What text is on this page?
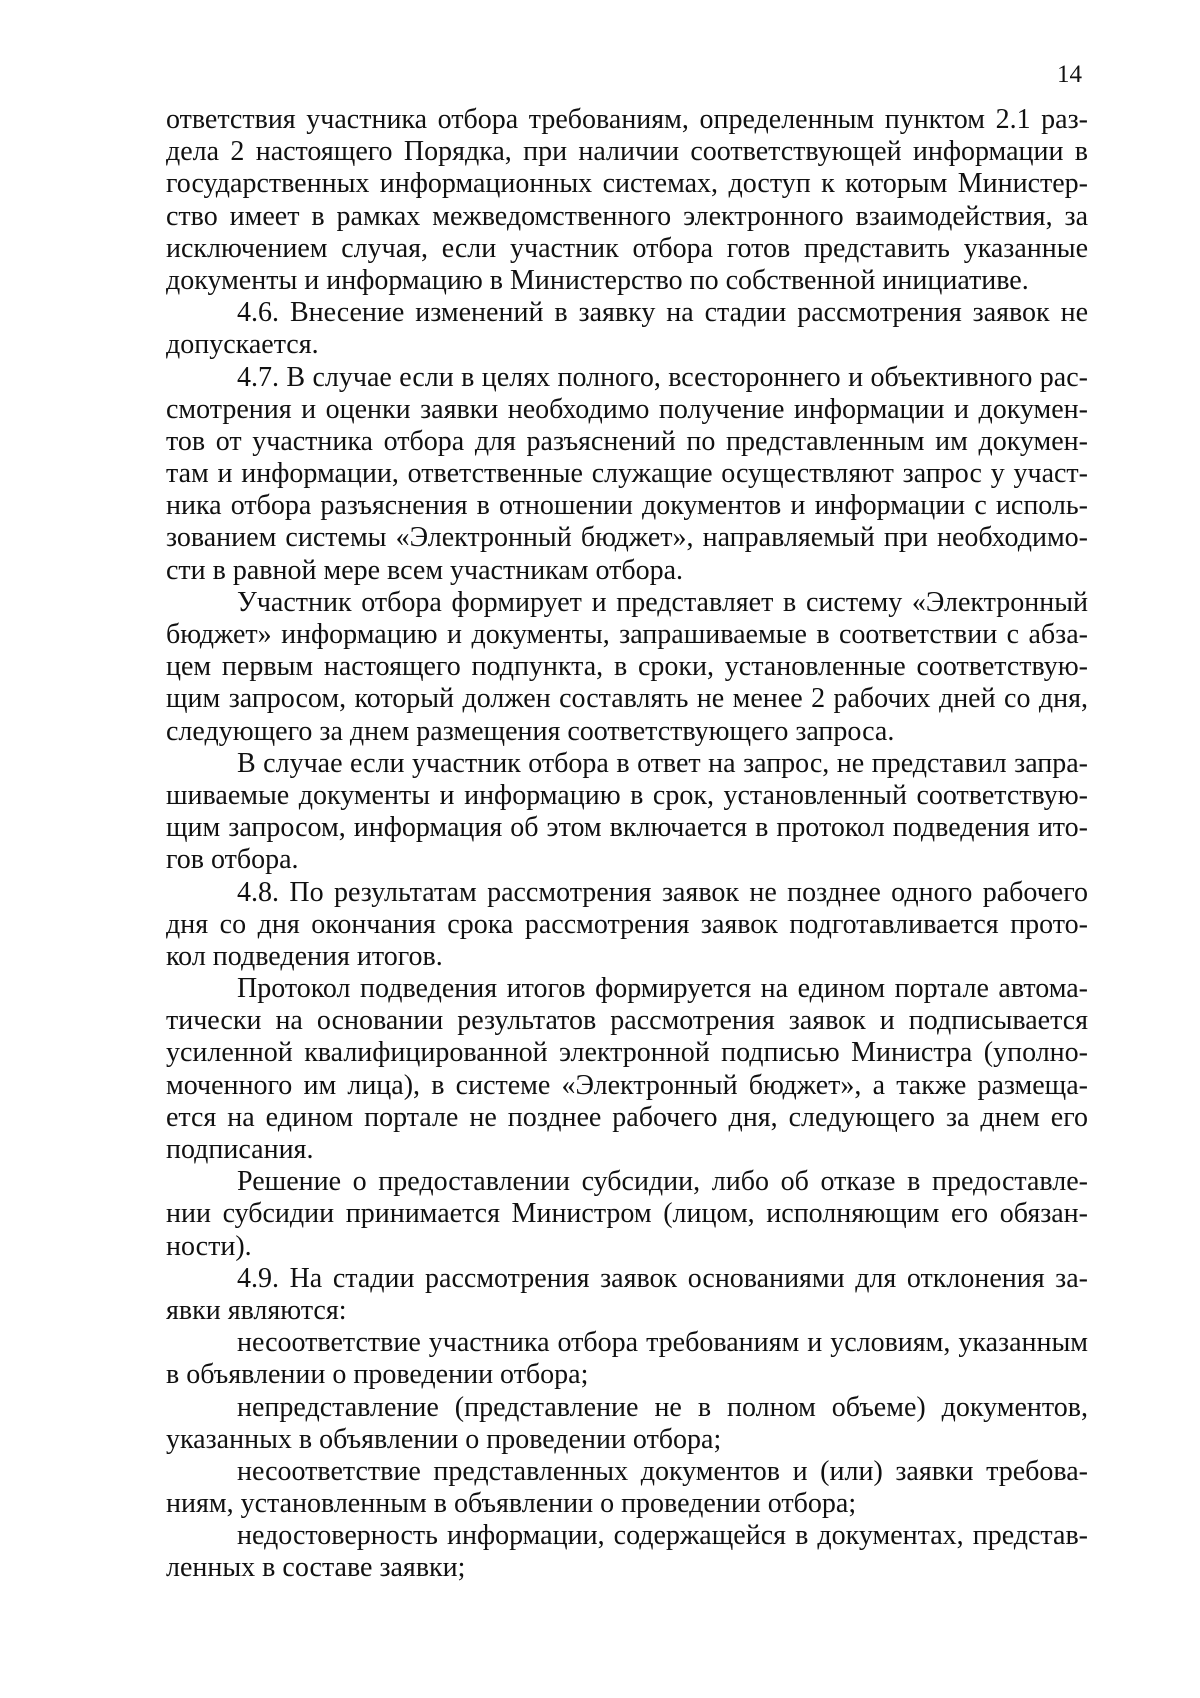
14
ответствия участника отбора требованиям, определенным пунктом 2.1 раз-
дела 2 настоящего Порядка, при наличии соответствующей информации в
государственных информационных системах, доступ к которым Министер-
ство имеет в рамках межведомственного электронного взаимодействия, за
исключением случая, если участник отбора готов представить указанные
документы и информацию в Министерство по собственной инициативе.
4.6. Внесение изменений в заявку на стадии рассмотрения заявок не
допускается.
4.7. В случае если в целях полного, всестороннего и объективного рас-
смотрения и оценки заявки необходимо получение информации и докумен-
тов от участника отбора для разъяснений по представленным им докумен-
там и информации, ответственные служащие осуществляют запрос у участ-
ника отбора разъяснения в отношении документов и информации с исполь-
зованием системы «Электронный бюджет», направляемый при необходимо-
сти в равной мере всем участникам отбора.
Участник отбора формирует и представляет в систему «Электронный
бюджет» информацию и документы, запрашиваемые в соответствии с абза-
цем первым настоящего подпункта, в сроки, установленные соответствую-
щим запросом, который должен составлять не менее 2 рабочих дней со дня,
следующего за днем размещения соответствующего запроса.
В случае если участник отбора в ответ на запрос, не представил запра-
шиваемые документы и информацию в срок, установленный соответствую-
щим запросом, информация об этом включается в протокол подведения ито-
гов отбора.
4.8. По результатам рассмотрения заявок не позднее одного рабочего
дня со дня окончания срока рассмотрения заявок подготавливается прото-
кол подведения итогов.
Протокол подведения итогов формируется на едином портале автома-
тически на основании результатов рассмотрения заявок и подписывается
усиленной квалифицированной электронной подписью Министра (уполно-
моченного им лица), в системе «Электронный бюджет», а также размеща-
ется на едином портале не позднее рабочего дня, следующего за днем его
подписания.
Решение о предоставлении субсидии, либо об отказе в предоставле-
нии субсидии принимается Министром (лицом, исполняющим его обязан-
ности).
4.9. На стадии рассмотрения заявок основаниями для отклонения за-
явки являются:
несоответствие участника отбора требованиям и условиям, указанным
в объявлении о проведении отбора;
непредставление (представление не в полном объеме) документов,
указанных в объявлении о проведении отбора;
несоответствие представленных документов и (или) заявки требова-
ниям, установленным в объявлении о проведении отбора;
недостоверность информации, содержащейся в документах, представ-
ленных в составе заявки;
